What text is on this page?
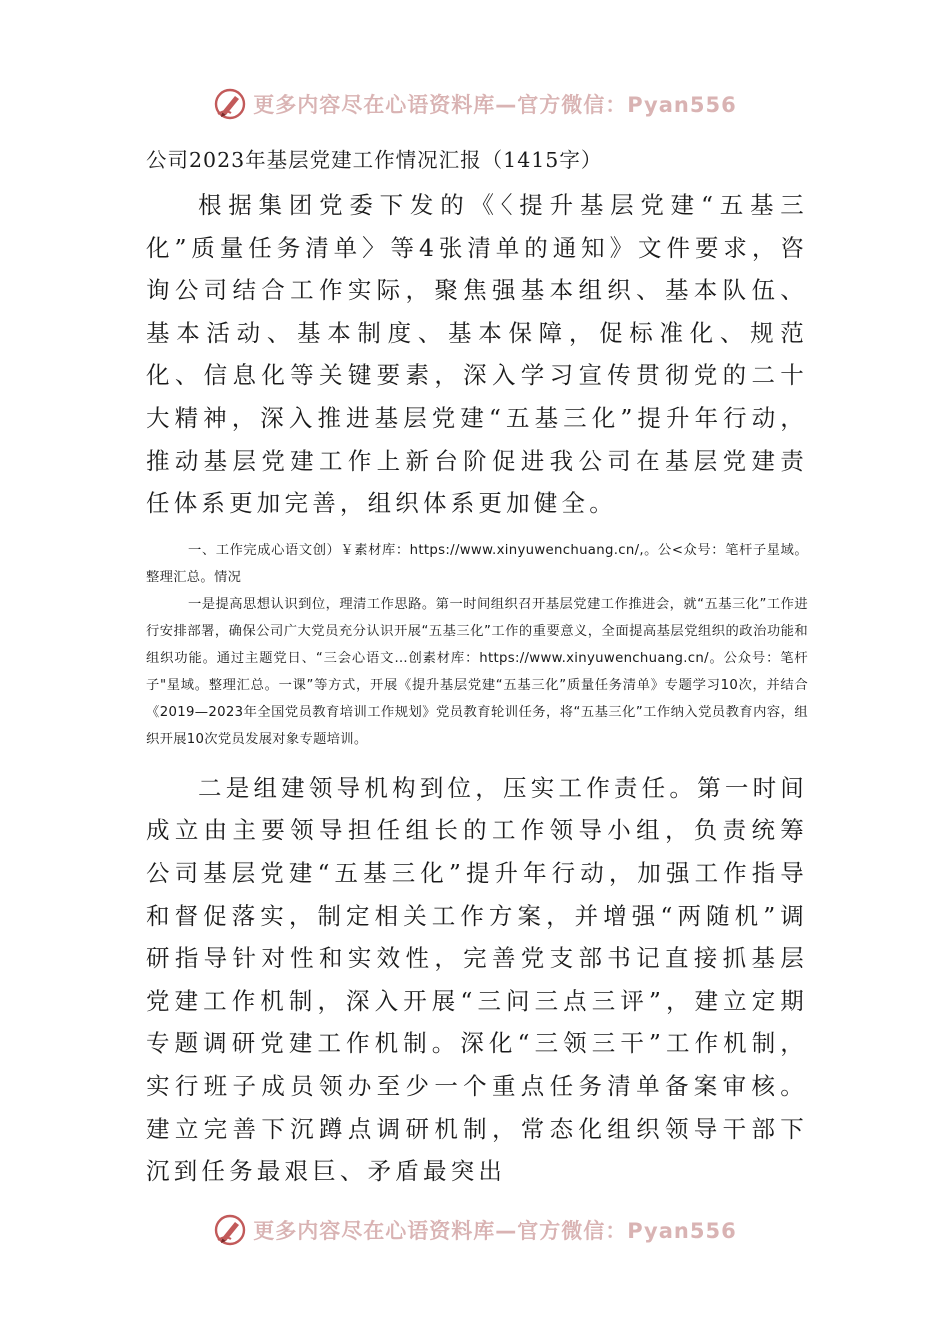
更多内容尽在心语资料库—官方微信：Pyan556

公司2023年基层党建工作情况汇报（1415字）

根据集团党委下发的《〈提升基层党建“五基三化”质量任务清单〉等4张清单的通知》文件要求，咨询公司结合工作实际，聚焦强基本组织、基本队伍、基本活动、基本制度、基本保障，促标准化、规范化、信息化等关键要素，深入学习宣传贯彻党的二十大精神，深入推进基层党建“五基三化”提升年行动，推动基层党建工作上新台阶促进我公司在基层党建责任体系更加完善，组织体系更加健全。

一、工作完成心语文创）￥素材库：https://www.xinyuwenchuang.cn/,。公<众号：笔杆子星域。整理汇总。情况

一是提高思想认识到位，理清工作思路。第一时间组织召开基层党建工作推进会，就“五基三化”工作进行安排部署，确保公司广大党员充分认识开展“五基三化”工作的重要意义，全面提高基层党组织的政治功能和组织功能。通过主题党日、“三会心语文…创素材库：https://www.xinyuwenchuang.cn/。公众号：笔杆子"星域。整理汇总。一课”等方式，开展《提升基层党建“五基三化”质量任务清单》专题学习10次，并结合《2019—2023年全国党员教育培训工作规划》党员教育轮训任务，将“五基三化”工作纳入党员教育内容，组织开展10次党员发展对象专题培训。

二是组建领导机构到位，压实工作责任。第一时间成立由主要领导担任组长的工作领导小组，负责统筹公司基层党建“五基三化”提升年行动，加强工作指导和督促落实，制定相关工作方案，并增强“两随机”调研指导针对性和实效性，完善党支部书记直接抓基层党建工作机制，深入开展“三问三点三评”，建立定期专题调研党建工作机制。深化“三领三干”工作机制，实行班子成员领办至少一个重点任务清单备案审核。建立完善下沉蹲点调研机制，常态化组织领导干部下沉到任务最艰巨、矛盾最突出

更多内容尽在心语资料库—官方微信：Pyan556
